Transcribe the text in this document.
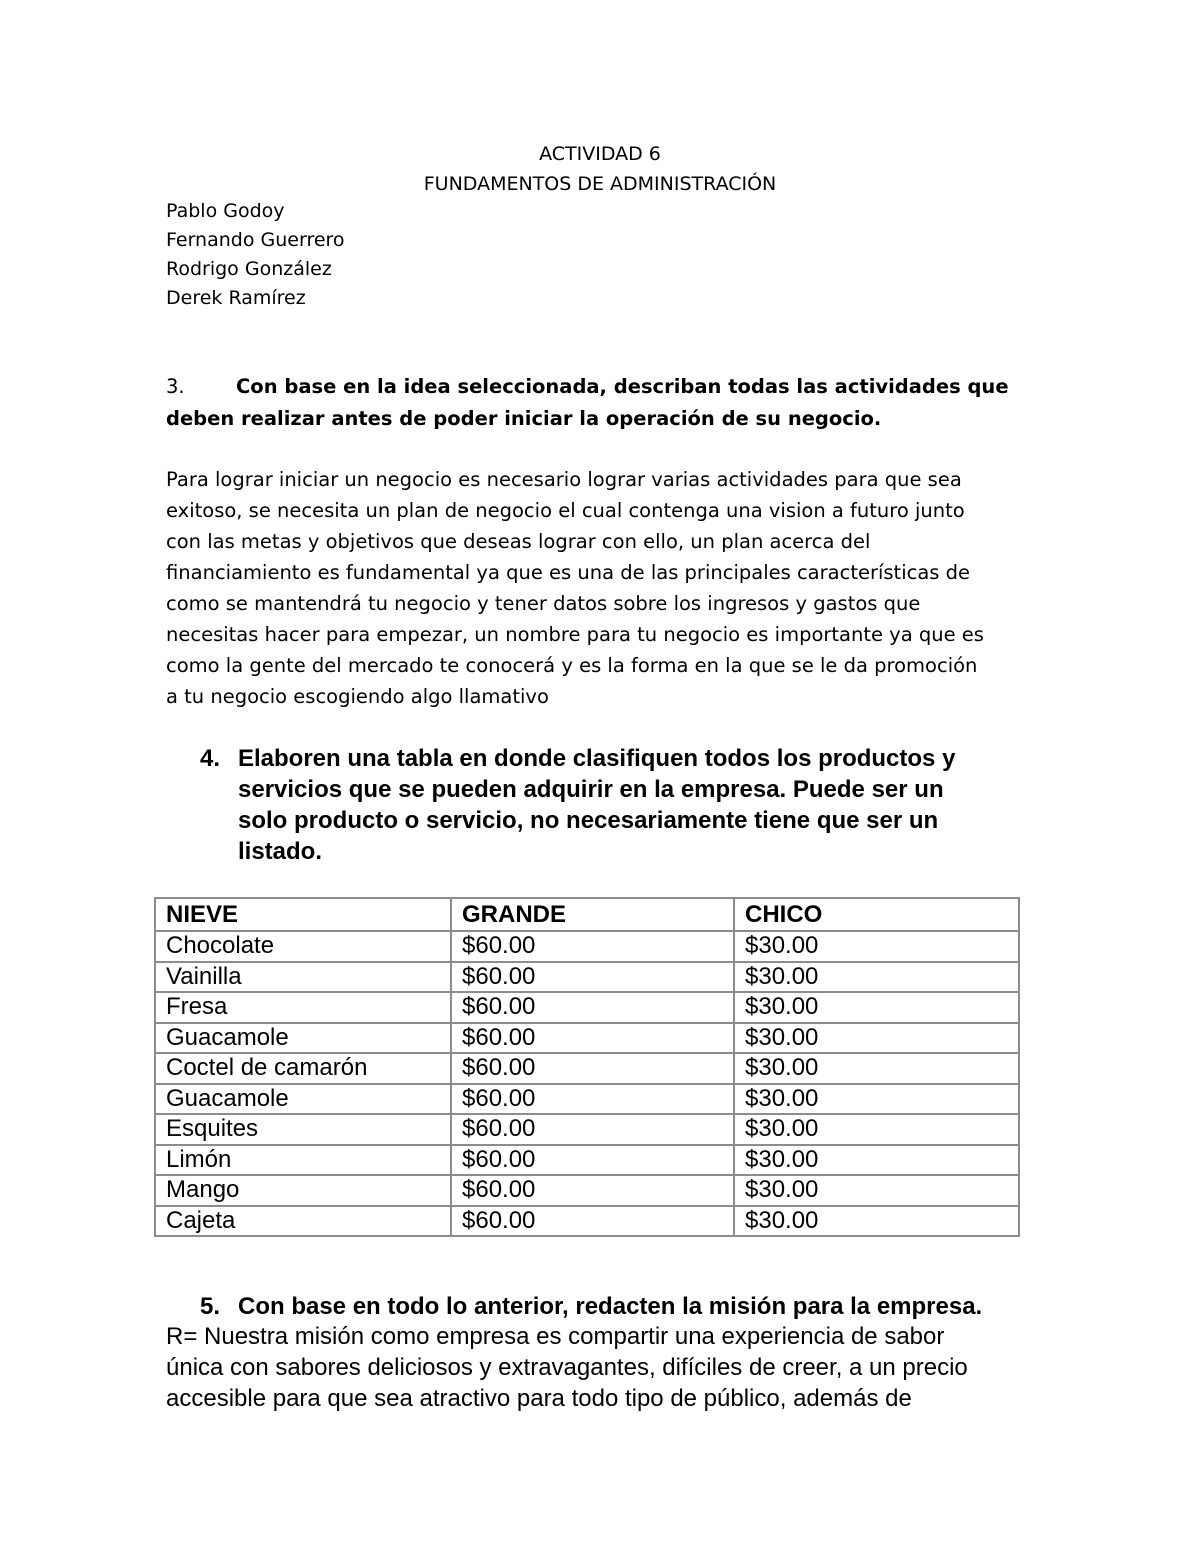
ACTIVIDAD 6
FUNDAMENTOS DE ADMINISTRACIÓN
Pablo Godoy
Fernando Guerrero
Rodrigo González
Derek Ramírez
3.	Con base en la idea seleccionada, describan todas las actividades que
deben realizar antes de poder iniciar la operación de su negocio.
Para lograr iniciar un negocio es necesario lograr varias actividades para que sea
exitoso, se necesita un plan de negocio el cual contenga una vision a futuro junto
con las metas y objetivos que deseas lograr con ello, un plan acerca del
financiamiento es fundamental ya que es una de las principales características de
como se mantendrá tu negocio y tener datos sobre los ingresos y gastos que
necesitas hacer para empezar, un nombre para tu negocio es importante ya que es
como la gente del mercado te conocerá y es la forma en la que se le da promoción
a tu negocio escogiendo algo llamativo
4. Elaboren una tabla en donde clasifiquen todos los productos y
servicios que se pueden adquirir en la empresa. Puede ser un
solo producto o servicio, no necesariamente tiene que ser un
listado.
NIEVE	GRANDE	CHICO
Chocolate	$60.00	$30.00
Vainilla	$60.00	$30.00
Fresa	$60.00	$30.00
Guacamole	$60.00	$30.00
Coctel de camarón	$60.00	$30.00
Guacamole	$60.00	$30.00
Esquites	$60.00	$30.00
Limón	$60.00	$30.00
Mango	$60.00	$30.00
Cajeta	$60.00	$30.00
5. Con base en todo lo anterior, redacten la misión para la empresa.
R= Nuestra misión como empresa es compartir una experiencia de sabor
única con sabores deliciosos y extravagantes, difíciles de creer, a un precio
accesible para que sea atractivo para todo tipo de público, además de
